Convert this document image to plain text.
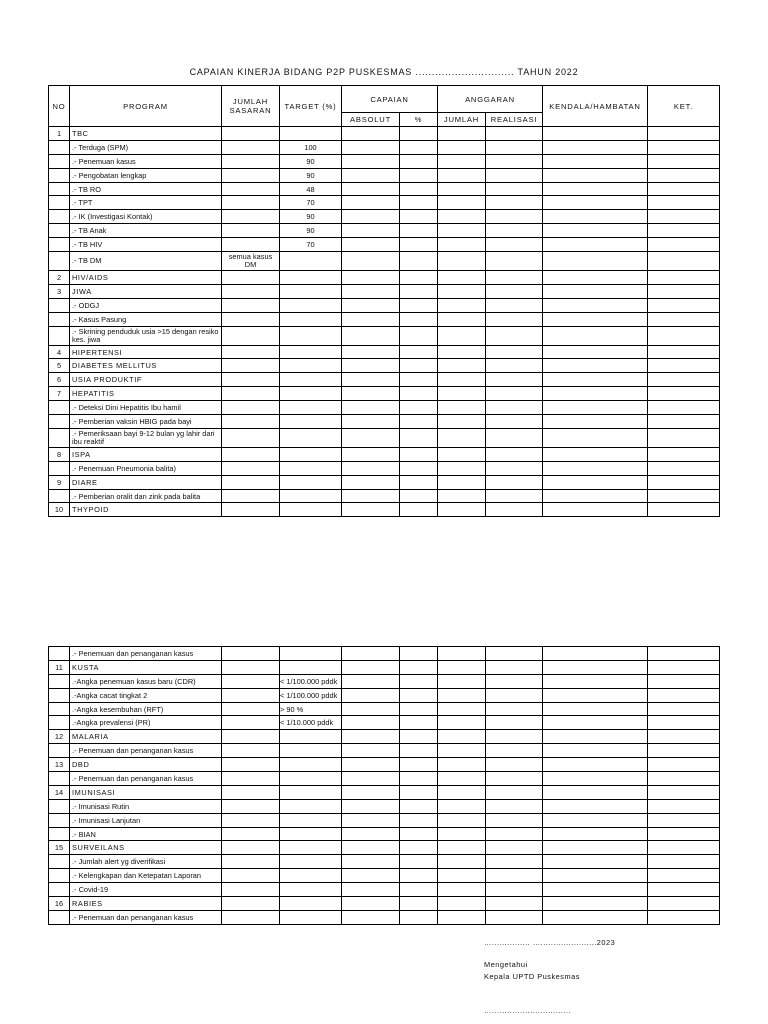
CAPAIAN KINERJA BIDANG P2P PUSKESMAS .............................. TAHUN 2022
NO	PROGRAM	JUMLAH SASARAN	TARGET (%)	CAPAIAN		ANGGARAN		KENDALA/HAMBATAN	KET.
				ABSOLUT	%	JUMLAH	REALISASI		
1	TBC								
	.- Terduga (SPM)		100						
	.- Penemuan kasus		90						
	.- Pengobatan lengkap		90						
	.- TB RO		48						
	.- TPT		70						
	.- IK (Investigasi Kontak)		90						
	.- TB Anak		90						
	.- TB HIV		70						
	.- TB DM	semua kasus DM							
2	HIV/AIDS								
3	JIWA								
	.- ODGJ								
	.- Kasus Pasung								
	.- Skrining penduduk usia >15 dengan resiko kes. jiwa								
4	HIPERTENSI								
5	DIABETES MELLITUS								
6	USIA PRODUKTIF								
7	HEPATITIS								
	.- Deteksi Dini Hepatitis Ibu hamil								
	.- Pemberian vaksin HBIG pada bayi								
	.- Pemeriksaan bayi 9-12 bulan yg lahir dari ibu reaktif								
8	ISPA								
	.- Penemuan Pneumonia balita)								
9	DIARE								
	.- Pemberian oralit dan zink pada balita								
10	THYPOID								
	.- Penemuan dan penanganan kasus								
11	KUSTA								
	.-Angka penemuan kasus baru (CDR)		< 1/100.000 pddk						
	.-Angka cacat tingkat 2		< 1/100.000 pddk						
	.-Angka kesembuhan (RFT)		> 90 %						
	.-Angka prevalensi (PR)		< 1/10.000 pddk						
12	MALARIA								
	.- Penemuan dan penanganan kasus								
13	DBD								
	.- Penemuan dan penanganan kasus								
14	IMUNISASI								
	.- Imunisasi Rutin								
	.- Imunisasi Lanjutan								
	.- BIAN								
15	SURVEILANS								
	.- Jumlah alert yg diverifikasi								
	.- Kelengkapan dan Ketepatan Laporan								
	.- Covid-19								
16	RABIES								
	.- Penemuan dan penanganan kasus								
…............... …......................2023
Mengetahui
Kepala UPTD Puskesmas
…...............................
